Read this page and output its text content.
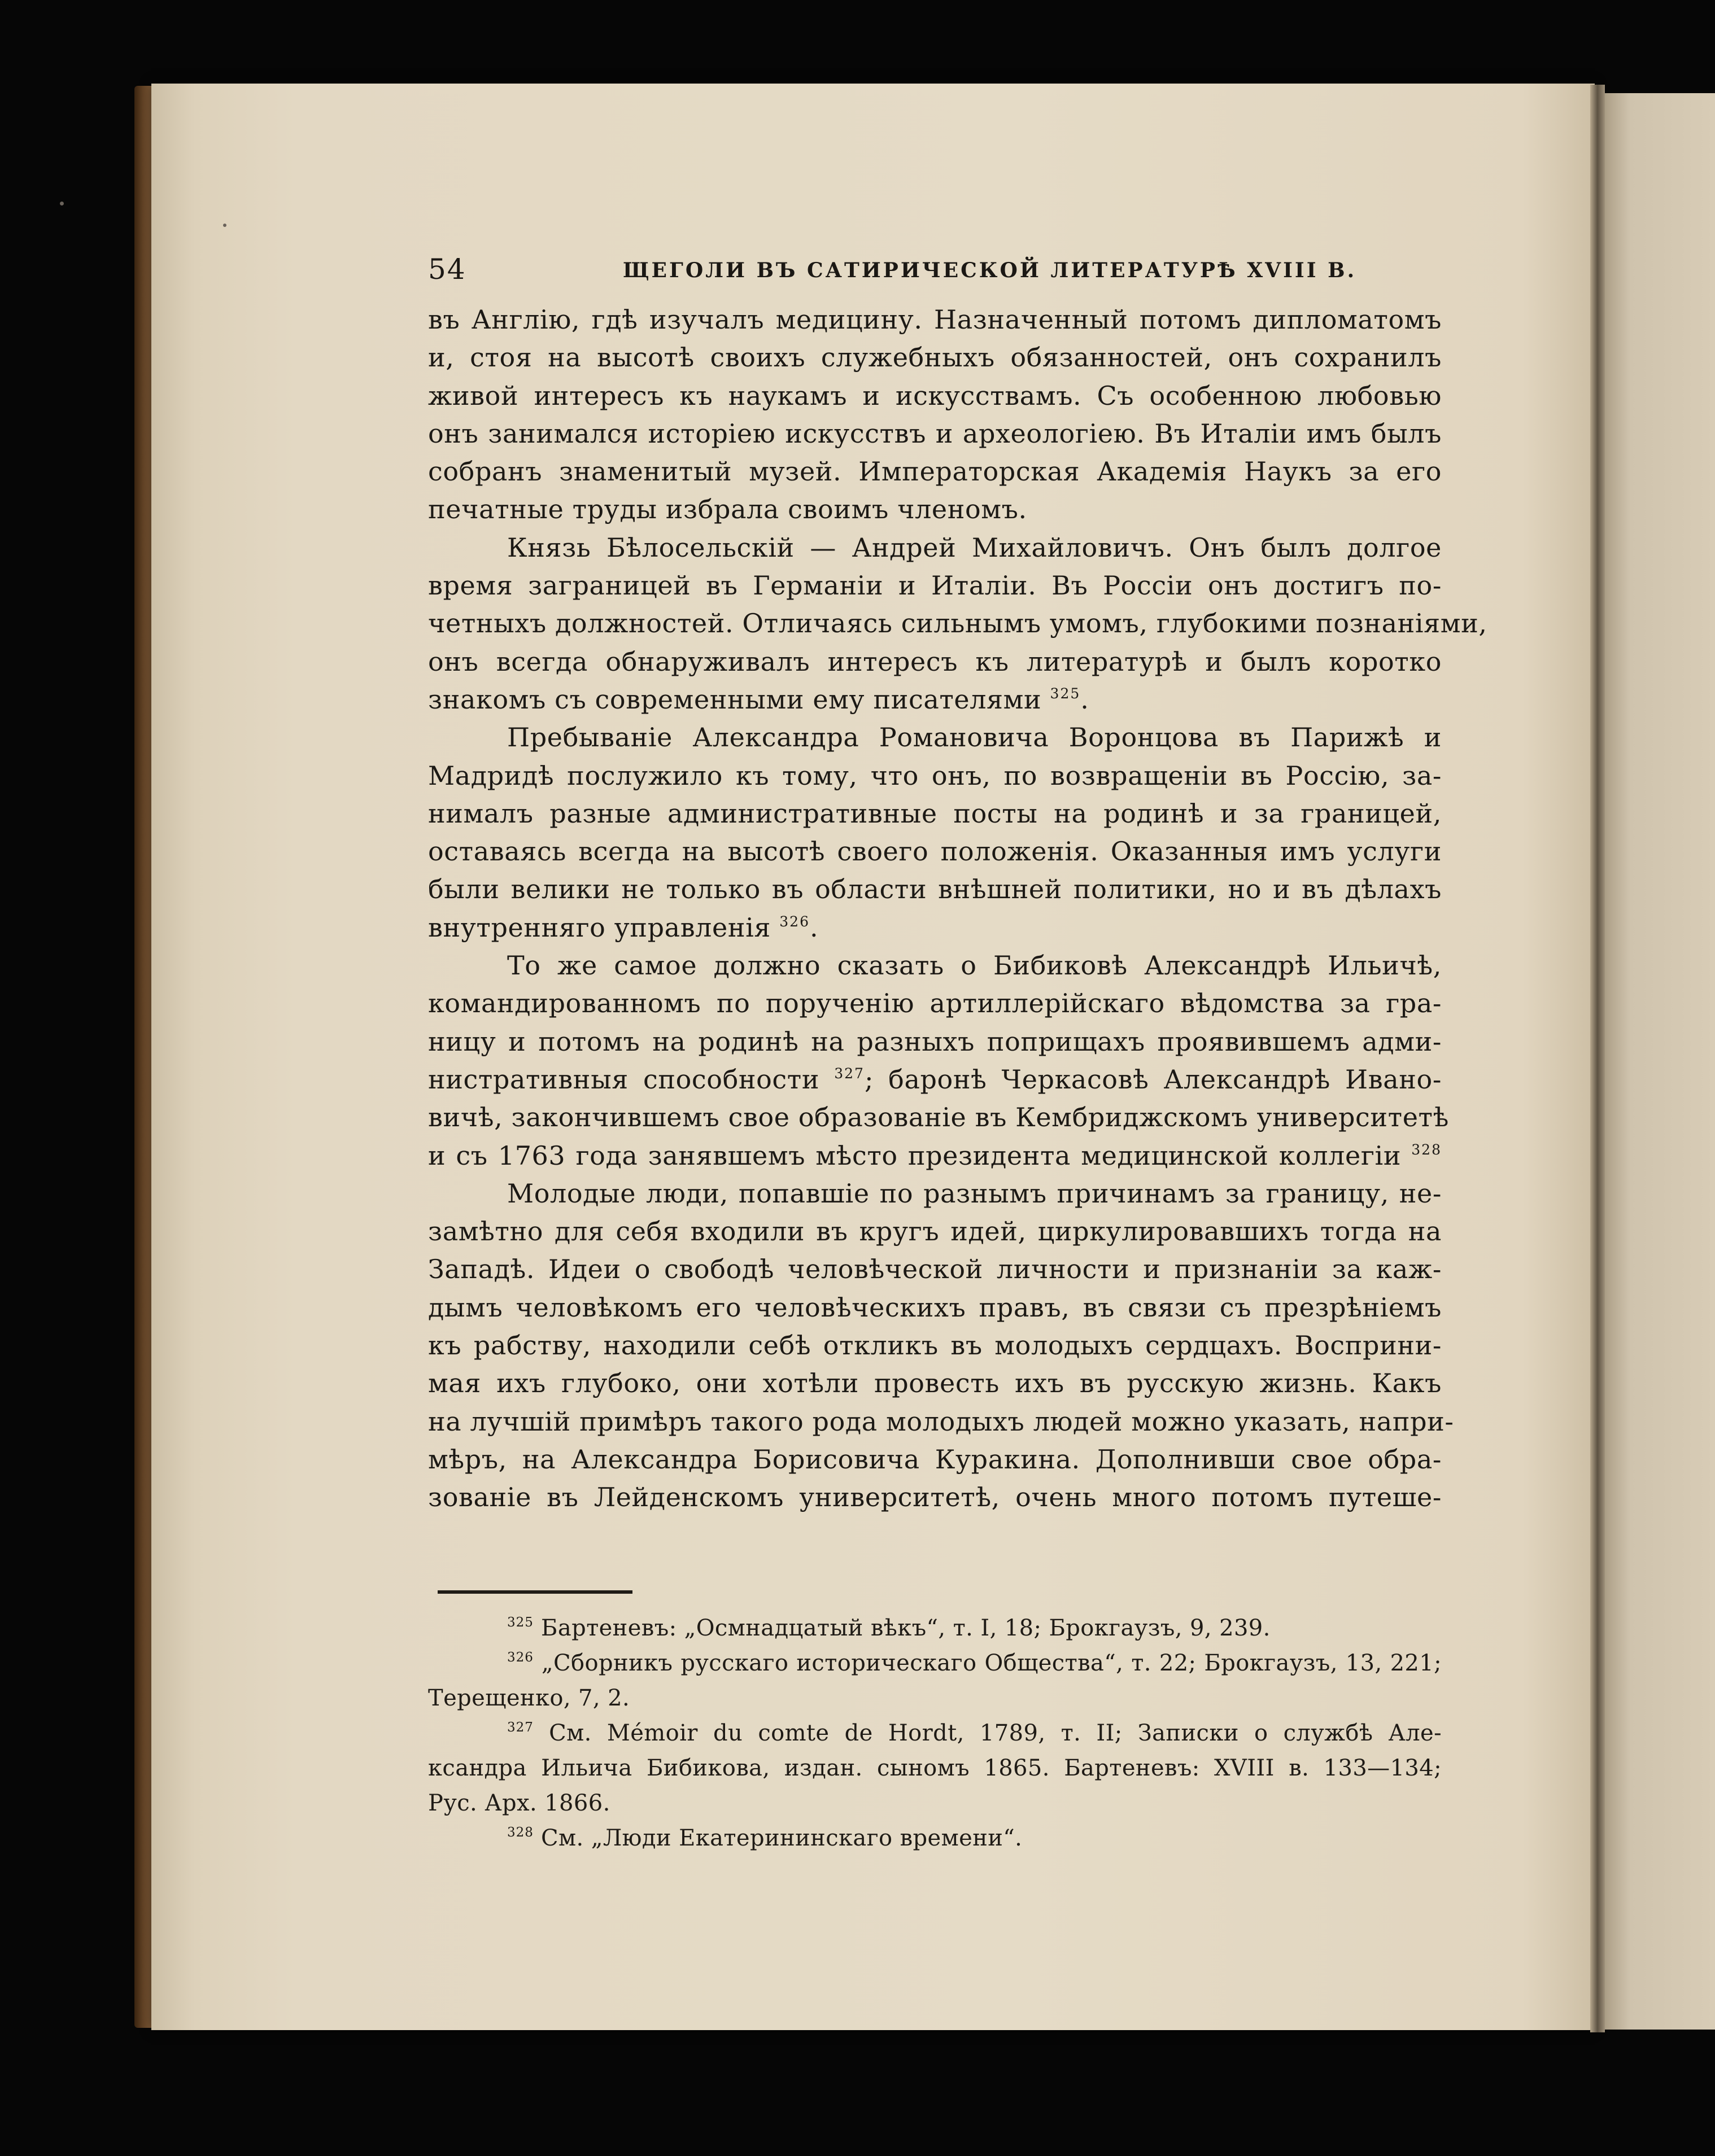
54	ЩЕГОЛИ ВЪ САТИРИЧЕСКОЙ ЛИТЕРАТУРѢ XVIII В.
въ Англію, гдѣ изучалъ медицину. Назначенный потомъ дипломатомъ
и, стоя на высотѣ своихъ служебныхъ обязанностей, онъ сохранилъ
живой интересъ къ наукамъ и искусствамъ. Съ особенною любовью
онъ занимался исторіею искусствъ и археологіею. Въ Италіи имъ былъ
собранъ знаменитый музей. Императорская Академія Наукъ за его
печатные труды избрала своимъ членомъ.
Князь Бѣлосельскій — Андрей Михайловичъ. Онъ былъ долгое
время заграницей въ Германіи и Италіи. Въ Россіи онъ достигъ по-
четныхъ должностей. Отличаясь сильнымъ умомъ, глубокими познаніями,
онъ всегда обнаруживалъ интересъ къ литературѣ и былъ коротко
знакомъ съ современными ему писателями $^{325}$.
Пребываніе Александра Романовича Воронцова въ Парижѣ и
Мадридѣ послужило къ тому, что онъ, по возвращеніи въ Россію, за-
нималъ разные административные посты на родинѣ и за границей,
оставаясь всегда на высотѣ своего положенія. Оказанныя имъ услуги
были велики не только въ области внѣшней политики, но и въ дѣлахъ
внутренняго управленія $^{326}$.
То же самое должно сказать о Бибиковѣ Александрѣ Ильичѣ,
командированномъ по порученію артиллерійскаго вѣдомства за гра-
ницу и потомъ на родинѣ на разныхъ поприщахъ проявившемъ адми-
нистративныя способности $^{327}$; баронѣ Черкасовѣ Александрѣ Ивано-
вичѣ, закончившемъ свое образованіе въ Кембриджскомъ университетѣ
и съ 1763 года занявшемъ мѣсто президента медицинской коллегіи $^{328}$
Молодые люди, попавшіе по разнымъ причинамъ за границу, не-
замѣтно для себя входили въ кругъ идей, циркулировавшихъ тогда на
Западѣ. Идеи о свободѣ человѣческой личности и признаніи за каж-
дымъ человѣкомъ его человѣческихъ правъ, въ связи съ презрѣніемъ
къ рабству, находили себѣ откликъ въ молодыхъ сердцахъ. Восприни-
мая ихъ глубоко, они хотѣли провесть ихъ въ русскую жизнь. Какъ
на лучшій примѣръ такого рода молодыхъ людей можно указать, напри-
мѣръ, на Александра Борисовича Куракина. Дополнивши свое обра-
зованіе въ Лейденскомъ университетѣ, очень много потомъ путеше-
$^{325}$ Бартеневъ: „Осмнадцатый вѣкъ“, т. I, 18; Брокгаузъ, 9, 239.
$^{326}$ „Сборникъ русскаго историческаго Общества“, т. 22; Брокгаузъ, 13, 221;
Терещенко, 7, 2.
$^{327}$ См. Mémoir du comte de Hordt, 1789, т. II; Записки о службѣ Але-
ксандра Ильича Бибикова, издан. сыномъ 1865. Бартеневъ: XVIII в. 133—134;
Рус. Арх. 1866.
$^{328}$ См. „Люди Екатерининскаго времени“.
